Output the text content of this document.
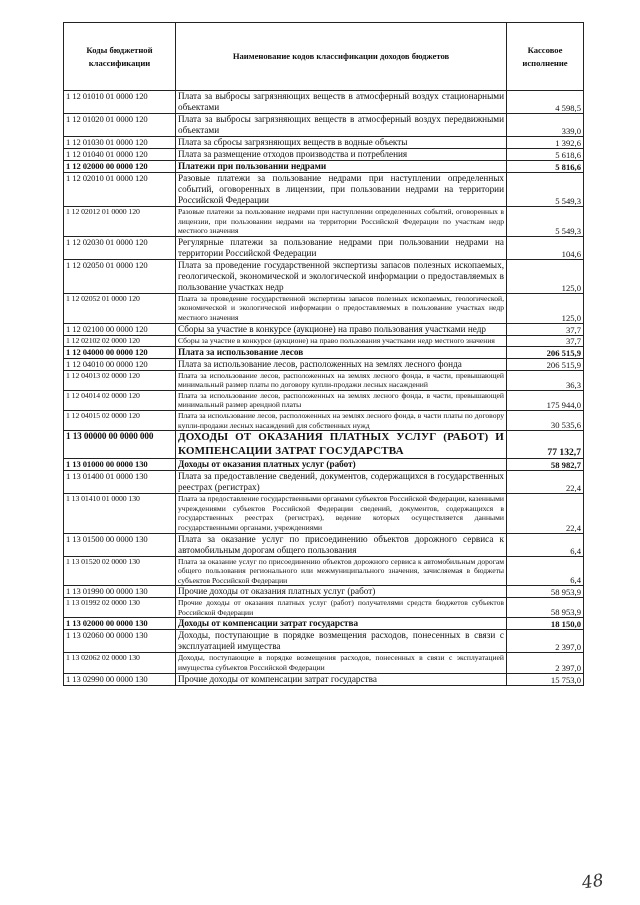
Коды бюджетной классификации	Наименование кодов классификации доходов бюджетов	Кассовое исполнение
1 12 01010 01 0000 120	Плата за выбросы загрязняющих веществ в атмосферный воздух стационарными объектами	4 598,5
1 12 01020 01 0000 120	Плата за выбросы загрязняющих веществ в атмосферный воздух передвижными объектами	339,0
1 12 01030 01 0000 120	Плата за сбросы загрязняющих веществ в водные объекты	1 392,6
1 12 01040 01 0000 120	Плата за размещение отходов производства и потребления	5 618,6
1 12 02000 00 0000 120	Платежи при пользовании недрами	5 816,6
1 12 02010 01 0000 120	Разовые платежи за пользование недрами при наступлении определенных событий, оговоренных в лицензии, при пользовании недрами на территории Российской Федерации	5 549,3
1 12 02012 01 0000 120	Разовые платежи за пользование недрами при наступлении определенных событий, оговоренных в лицензии, при пользовании недрами на территории Российской Федерации по участкам недр местного значения	5 549,3
1 12 02030 01 0000 120	Регулярные платежи за пользование недрами при пользовании недрами на территории Российской Федерации	104,6
1 12 02050 01 0000 120	Плата за проведение государственной экспертизы запасов полезных ископаемых, геологической, экономической и экологической информации о предоставляемых в пользование участках недр	125,0
1 12 02052 01 0000 120	Плата за проведение государственной экспертизы запасов полезных ископаемых, геологической, экономической и экологической информации о предоставляемых в пользование участках недр местного значения	125,0
1 12 02100 00 0000 120	Сборы за участие в конкурсе (аукционе) на право пользования участками недр	37,7
1 12 02102 02 0000 120	Сборы за участие в конкурсе (аукционе) на право пользования участками недр местного значения	37,7
1 12 04000 00 0000 120	Плата за использование лесов	206 515,9
1 12 04010 00 0000 120	Плата за использование лесов, расположенных на землях лесного фонда	206 515,9
1 12 04013 02 0000 120	Плата за использование лесов, расположенных на землях лесного фонда, в части, превышающей минимальный размер платы по договору купли-продажи лесных насаждений	36,3
1 12 04014 02 0000 120	Плата за использование лесов, расположенных на землях лесного фонда, в части, превышающей минимальный размер арендной платы	175 944,0
1 12 04015 02 0000 120	Плата за использование лесов, расположенных на землях лесного фонда, в части платы по договору купли-продажи лесных насаждений для собственных нужд	30 535,6
1 13 00000 00 0000 000	ДОХОДЫ ОТ ОКАЗАНИЯ ПЛАТНЫХ УСЛУГ (РАБОТ) И КОМПЕНСАЦИИ ЗАТРАТ ГОСУДАРСТВА	77 132,7
1 13 01000 00 0000 130	Доходы от оказания платных услуг (работ)	58 982,7
1 13 01400 01 0000 130	Плата за предоставление сведений, документов, содержащихся в государственных реестрах (регистрах)	22,4
1 13 01410 01 0000 130	Плата за предоставление государственными органами субъектов Российской Федерации, казенными учреждениями субъектов Российской Федерации сведений, документов, содержащихся в государственных реестрах (регистрах), ведение которых осуществляется данными государственными органами, учреждениями	22,4
1 13 01500 00 0000 130	Плата за оказание услуг по присоединению объектов дорожного сервиса к автомобильным дорогам общего пользования	6,4
1 13 01520 02 0000 130	Плата за оказание услуг по присоединению объектов дорожного сервиса к автомобильным дорогам общего пользования регионального или межмуниципального значения, зачисляемая в бюджеты субъектов Российской Федерации	6,4
1 13 01990 00 0000 130	Прочие доходы от оказания платных услуг (работ)	58 953,9
1 13 01992 02 0000 130	Прочие доходы от оказания платных услуг (работ) получателями средств бюджетов субъектов Российской Федерации	58 953,9
1 13 02000 00 0000 130	Доходы от компенсации затрат государства	18 150,0
1 13 02060 00 0000 130	Доходы, поступающие в порядке возмещения расходов, понесенных в связи с эксплуатацией имущества	2 397,0
1 13 02062 02 0000 130	Доходы, поступающие в порядке возмещения расходов, понесенных в связи с эксплуатацией имущества субъектов Российской Федерации	2 397,0
1 13 02990 00 0000 130	Прочие доходы от компенсации затрат государства	15 753,0
48
